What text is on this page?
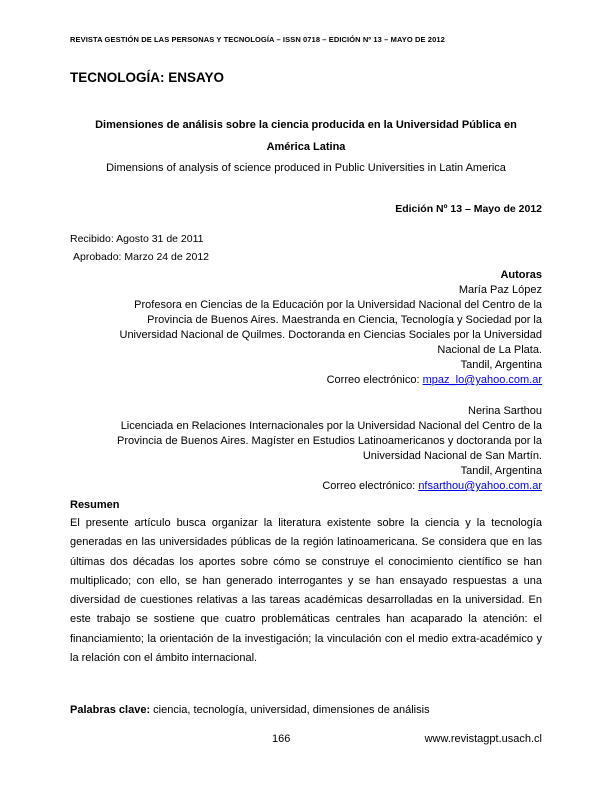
REVISTA GESTIÓN DE LAS PERSONAS Y TECNOLOGÍA – ISSN 0718 – EDICIÓN Nº 13 – MAYO DE 2012
TECNOLOGÍA: ENSAYO
Dimensiones de análisis sobre la ciencia producida en la Universidad Pública en
América Latina
Dimensions of analysis of science produced in Public Universities in Latin America
Edición Nº 13 – Mayo de 2012
Recibido: Agosto 31 de 2011
Aprobado: Marzo 24 de 2012
Autoras
María Paz López
Profesora en Ciencias de la Educación por la Universidad Nacional del Centro de la
Provincia de Buenos Aires. Maestranda en Ciencia, Tecnología y Sociedad por la
Universidad Nacional de Quilmes. Doctoranda en Ciencias Sociales por la Universidad
Nacional de La Plata.
Tandil, Argentina
Correo electrónico: mpaz_lo@yahoo.com.ar
Nerina Sarthou
Licenciada en Relaciones Internacionales por la Universidad Nacional del Centro de la
Provincia de Buenos Aires. Magíster en Estudios Latinoamericanos y doctoranda por la
Universidad Nacional de San Martín.
Tandil, Argentina
Correo electrónico: nfsarthou@yahoo.com.ar
Resumen
El presente artículo busca organizar la literatura existente sobre la ciencia y la tecnología generadas en las universidades públicas de la región latinoamericana. Se considera que en las últimas dos décadas los aportes sobre cómo se construye el conocimiento científico se han multiplicado; con ello, se han generado interrogantes y se han ensayado respuestas a una diversidad de cuestiones relativas a las tareas académicas desarrolladas en la universidad. En este trabajo se sostiene que cuatro problemáticas centrales han acaparado la atención: el financiamiento; la orientación de la investigación; la vinculación con el medio extra-académico y la relación con el ámbito internacional.
Palabras clave: ciencia, tecnología, universidad, dimensiones de análisis
166	www.revistagpt.usach.cl
